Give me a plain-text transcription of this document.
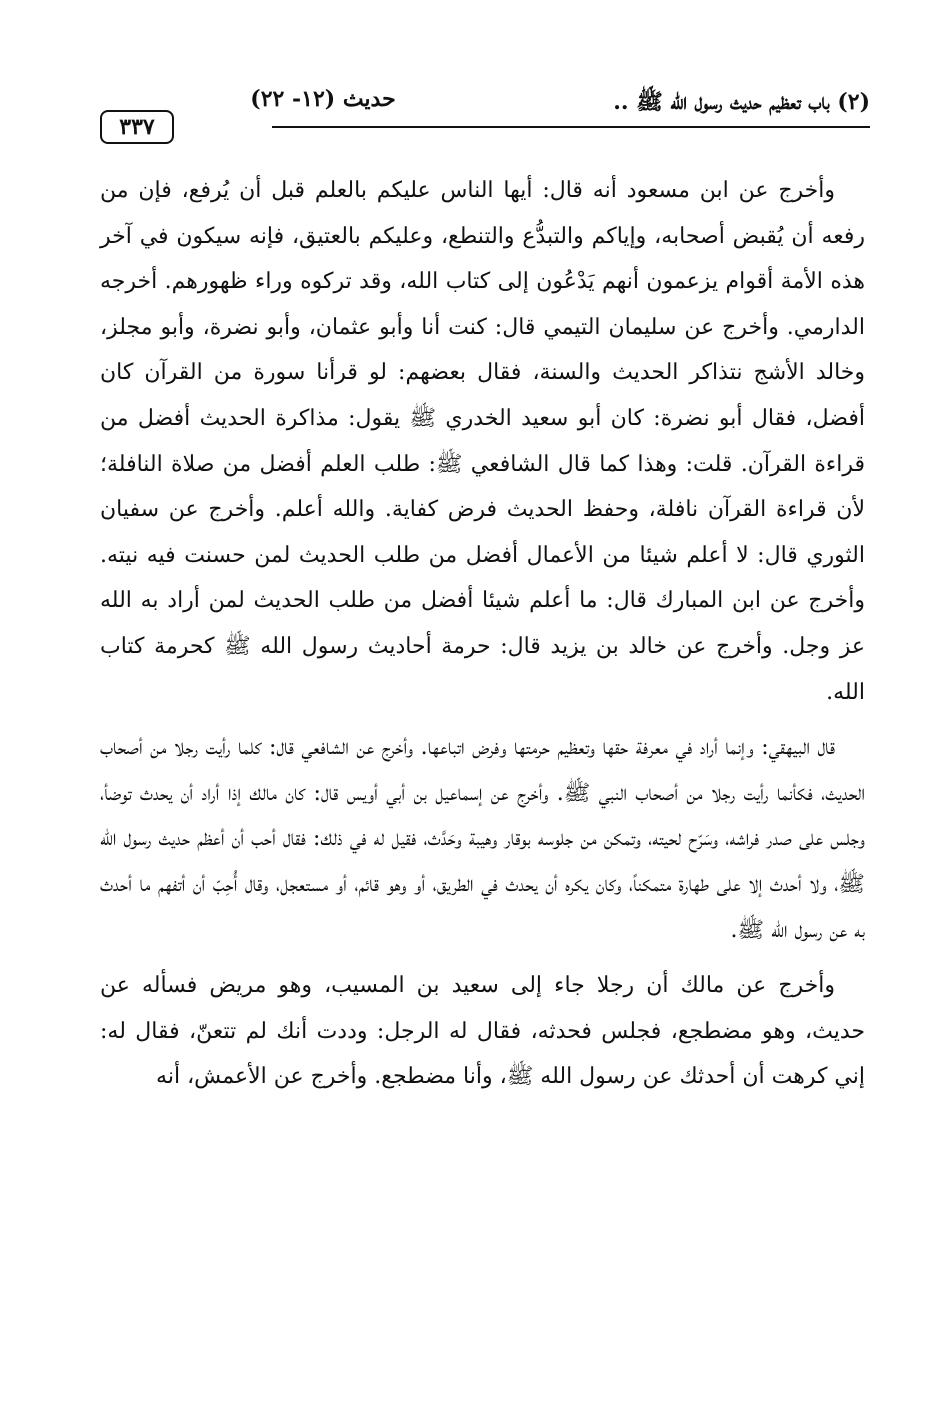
٣٣٧
حديث (١٢- ٢٢)	(٢) باب تعظيم حديث رسول الله ﷺ ..

وأخرج عن ابن مسعود أنه قال: أيها الناس عليكم بالعلم قبل أن يُرفع، فإن من رفعه أن يُقبض أصحابه، وإياكم والتبدُّع والتنطع، وعليكم بالعتيق، فإنه سيكون في آخر هذه الأمة أقوام يزعمون أنهم يَدْعُون إلى كتاب الله، وقد تركوه وراء ظهورهم. أخرجه الدارمي. وأخرج عن سليمان التيمي قال: كنت أنا وأبو عثمان، وأبو نضرة، وأبو مجلز، وخالد الأشج نتذاكر الحديث والسنة، فقال بعضهم: لو قرأنا سورة من القرآن كان أفضل، فقال أبو نضرة: كان أبو سعيد الخدري ﷺ يقول: مذاكرة الحديث أفضل من قراءة القرآن. قلت: وهذا كما قال الشافعي ﷺ: طلب العلم أفضل من صلاة النافلة؛ لأن قراءة القرآن نافلة، وحفظ الحديث فرض كفاية. والله أعلم. وأخرج عن سفيان الثوري قال: لا أعلم شيئا من الأعمال أفضل من طلب الحديث لمن حسنت فيه نيته. وأخرج عن ابن المبارك قال: ما أعلم شيئا أفضل من طلب الحديث لمن أراد به الله عز وجل. وأخرج عن خالد بن يزيد قال: حرمة أحاديث رسول الله ﷺ كحرمة كتاب الله.

قال البيهقي: وإنما أراد في معرفة حقها وتعظيم حرمتها وفرض اتباعها. وأخرج عن الشافعي قال: كلما رأيت رجلا من أصحاب الحديث، فكأنما رأيت رجلا من أصحاب النبي ﷺ. وأخرج عن إسماعيل بن أبي أويس قال: كان مالك إذا أراد أن يحدث توضأ، وجلس على صدر فراشه، وسَرّح لحيته، وتمكن من جلوسه بوقار وهيبة وحَدَّث، فقيل له في ذلك: فقال أحب أن أعظم حديث رسول الله ﷺ، ولا أحدث إلا على طهارة متمكناً، وكان يكره أن يحدث في الطريق، أو وهو قائم، أو مستعجل، وقال أُحِبّ أن أتفهم ما أحدث به عن رسول الله ﷺ.

وأخرج عن مالك أن رجلا جاء إلى سعيد بن المسيب، وهو مريض فسأله عن حديث، وهو مضطجع، فجلس فحدثه، فقال له الرجل: وددت أنك لم تتعنّ، فقال له: إني كرهت أن أحدثك عن رسول الله ﷺ، وأنا مضطجع. وأخرج عن الأعمش، أنه
